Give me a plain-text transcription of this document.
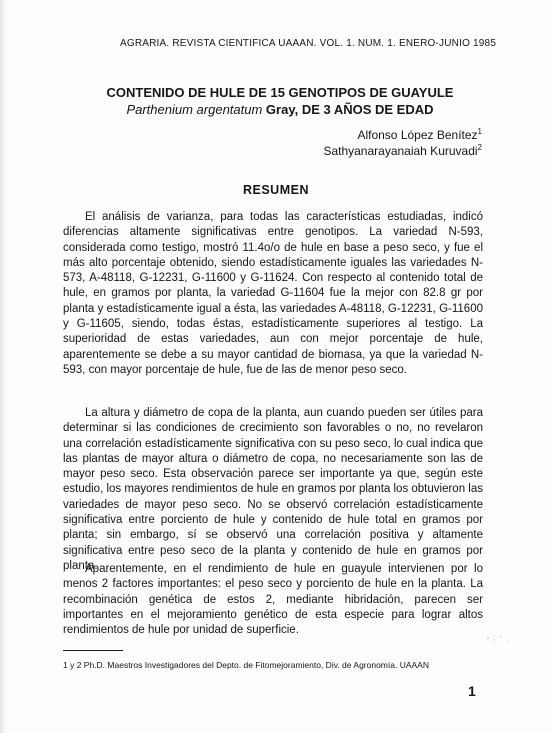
AGRARIA. REVISTA CIENTIFICA UAAAN. VOL. 1. NUM. 1. ENERO-JUNIO 1985
CONTENIDO DE HULE DE 15 GENOTIPOS DE GUAYULE
Parthenium argentatum Gray, DE 3 AÑOS DE EDAD
Alfonso López Benítez$^1$
Sathyanarayanaiah Kuruvadi$^2$
RESUMEN

El análisis de varianza, para todas las características estudiadas, indicó diferencias altamente significativas entre genotipos. La variedad N-593, considerada como testigo, mostró 11.4o/o de hule en base a peso seco, y fue el más alto porcentaje obtenido, siendo estadísticamente iguales las variedades N-573, A-48118, G-12231, G-11600 y G-11624. Con respecto al contenido total de hule, en gramos por planta, la variedad G-11604 fue la mejor con 82.8 gr por planta y estadísticamente igual a ésta, las variedades A-48118, G-12231, G-11600 y G-11605, siendo, todas éstas, estadísticamente superiores al testigo. La superioridad de estas variedades, aun con mejor porcentaje de hule, aparentemente se debe a su mayor cantidad de biomasa, ya que la variedad N-593, con mayor porcentaje de hule, fue de las de menor peso seco.

La altura y diámetro de copa de la planta, aun cuando pueden ser útiles para determinar si las condiciones de crecimiento son favorables o no, no revelaron una correlación estadísticamente significativa con su peso seco, lo cual indica que las plantas de mayor altura o diámetro de copa, no necesariamente son las de mayor peso seco. Esta observación parece ser importante ya que, según este estudio, los mayores rendimientos de hule en gramos por planta los obtuvieron las variedades de mayor peso seco. No se observó correlación estadísticamente significativa entre porciento de hule y contenido de hule total en gramos por planta; sin embargo, sí se observó una correlación positiva y altamente significativa entre peso seco de la planta y contenido de hule en gramos por planta.

Aparentemente, en el rendimiento de hule en guayule intervienen por lo menos 2 factores importantes: el peso seco y porciento de hule en la planta. La recombinación genética de estos 2, mediante hibridación, parecen ser importantes en el mejoramiento genético de esta especie para lograr altos rendimientos de hule por unidad de superficie.

1 y 2 Ph.D. Maestros Investigadores del Depto. de Fitomejoramiento, Div. de Agronomía. UAAAN
1
